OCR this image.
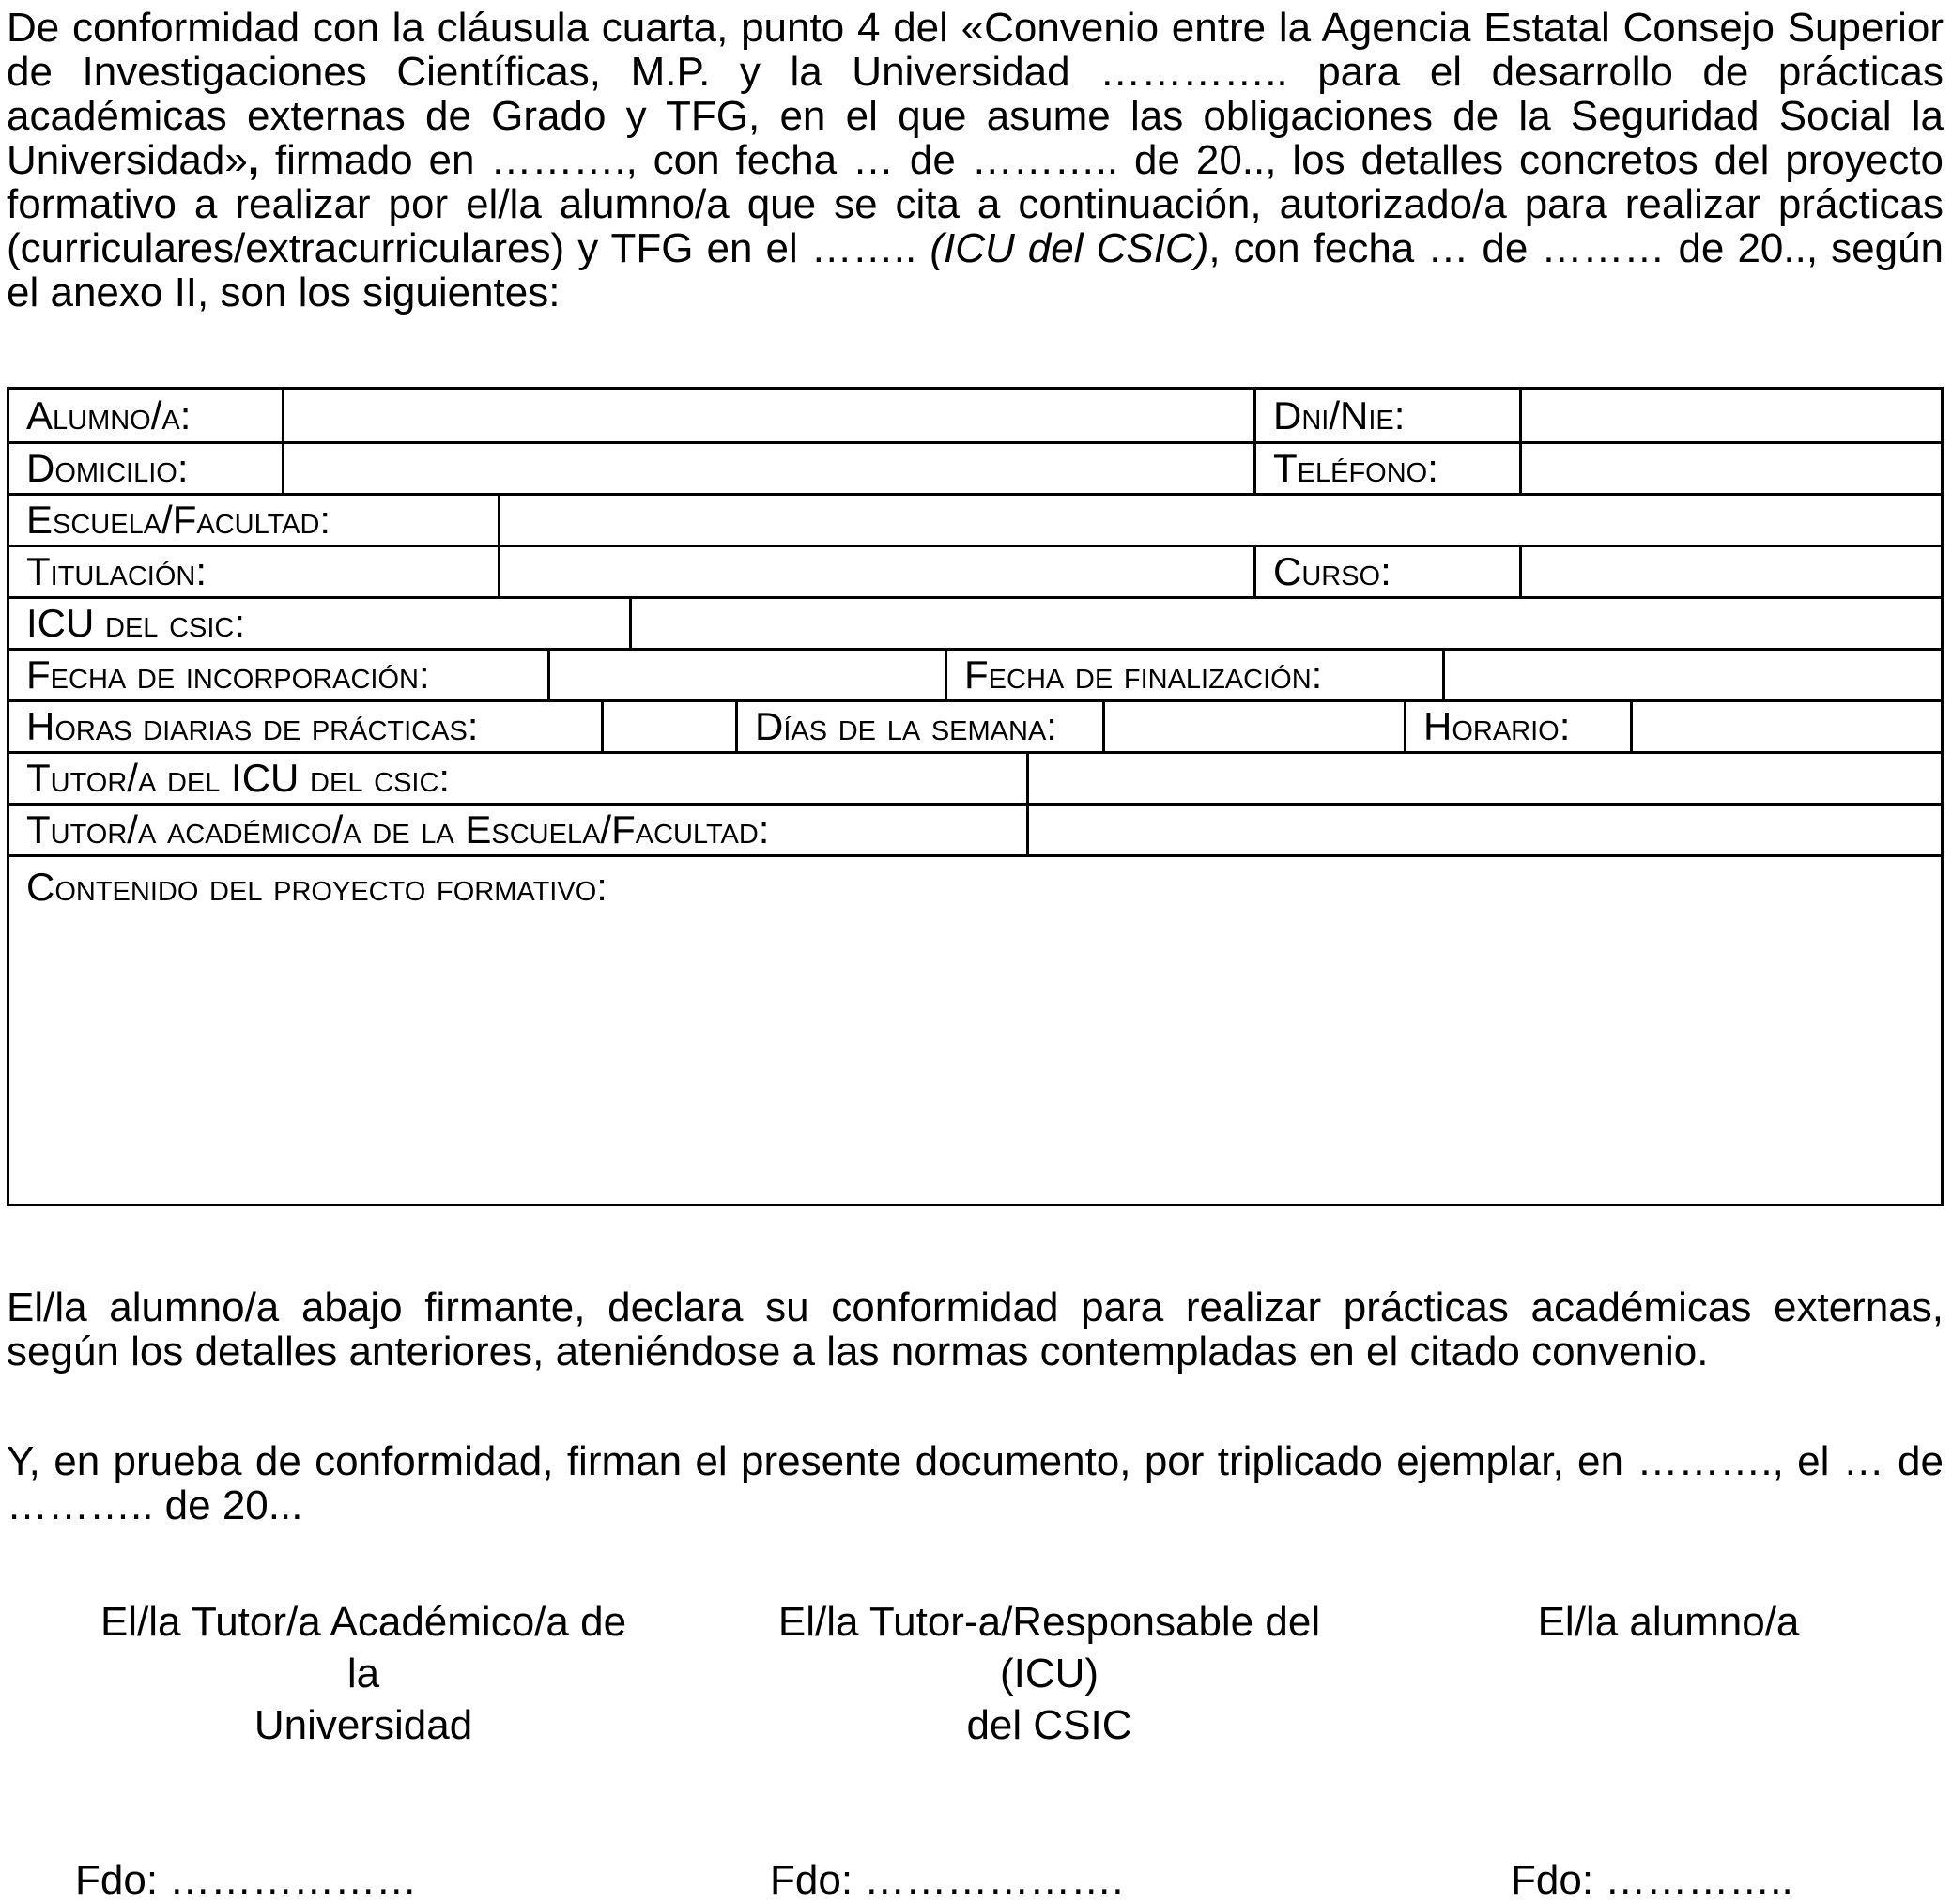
De conformidad con la cláusula cuarta, punto 4 del «Convenio entre la Agencia Estatal Consejo Superior de Investigaciones Científicas, M.P. y la Universidad ………….. para el desarrollo de prácticas académicas externas de Grado y TFG, en el que asume las obligaciones de la Seguridad Social la Universidad», firmado en ………., con fecha … de ……….. de 20.., los detalles concretos del proyecto formativo a realizar por el/la alumno/a que se cita a continuación, autorizado/a para realizar prácticas (curriculares/extracurriculares) y TFG en el …….. (ICU del CSIC), con fecha … de ……… de 20.., según el anexo II, son los siguientes:

Alumno/a:	Dni/Nie:
Domicilio:	Teléfono:
Escuela/Facultad:
Titulación:	Curso:
ICU del csic:
Fecha de incorporación:	Fecha de finalización:
Horas diarias de prácticas:	Días de la semana:	Horario:
Tutor/a del ICU del csic:
Tutor/a académico/a de la Escuela/Facultad:
Contenido del proyecto formativo:

El/la alumno/a abajo firmante, declara su conformidad para realizar prácticas académicas externas, según los detalles anteriores, ateniéndose a las normas contempladas en el citado convenio.

Y, en prueba de conformidad, firman el presente documento, por triplicado ejemplar, en ………., el … de ……….. de 20...

El/la Tutor/a Académico/a de la
Universidad
El/la Tutor-a/Responsable del (ICU)
del CSIC
El/la alumno/a
Fdo: ………………	Fdo: ……………….	Fdo: …………..
